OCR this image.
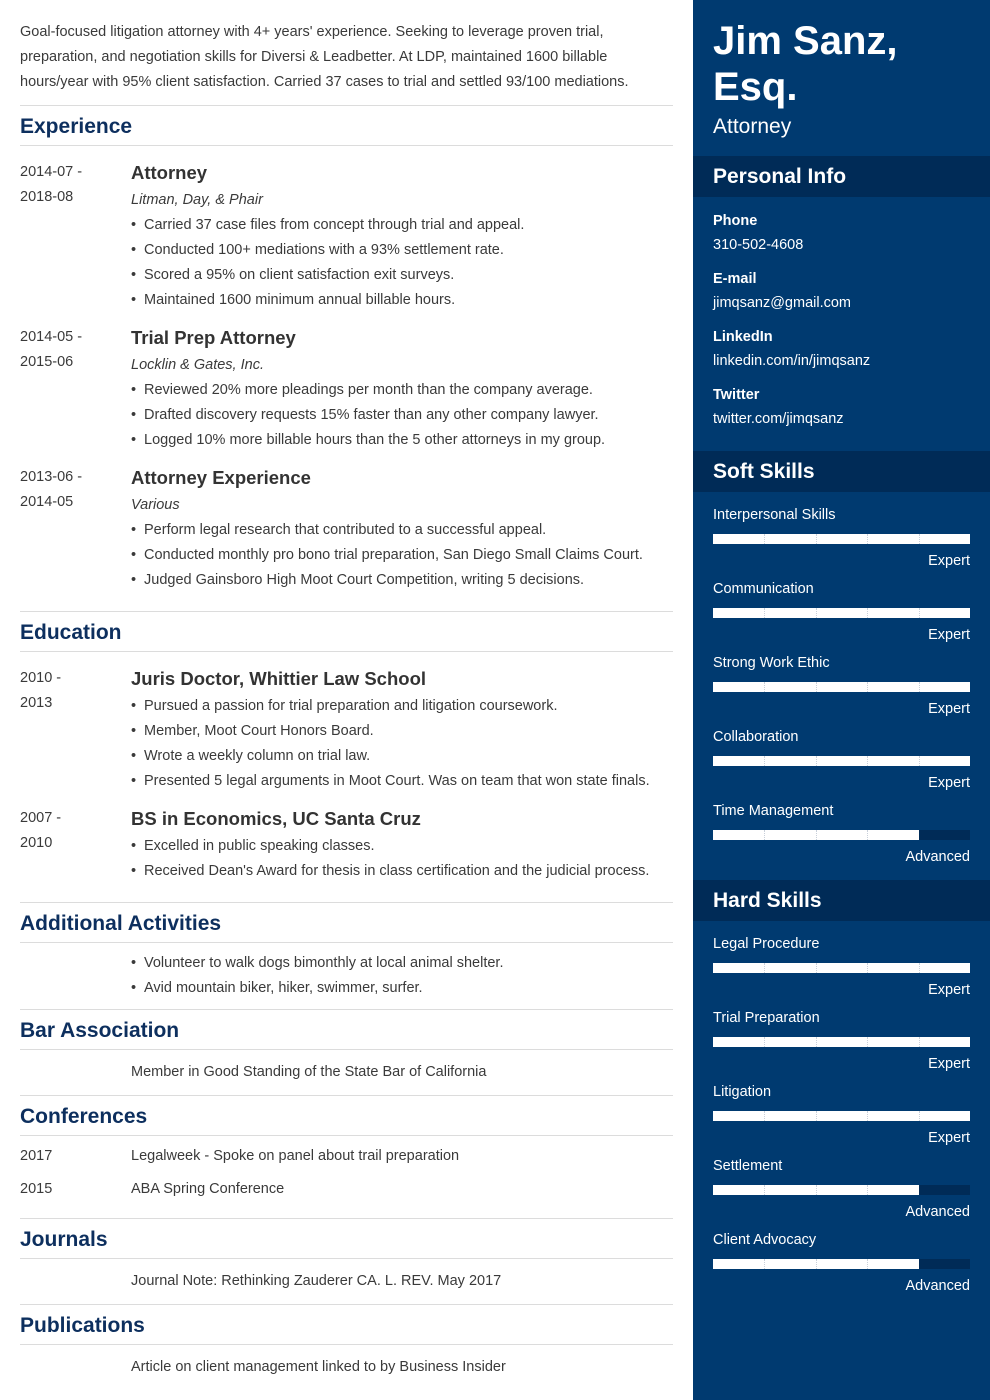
Goal-focused litigation attorney with 4+ years' experience. Seeking to leverage proven trial, preparation, and negotiation skills for Diversi & Leadbetter. At LDP, maintained 1600 billable hours/year with 95% client satisfaction. Carried 37 cases to trial and settled 93/100 mediations.

Experience
2014-07 -
2018-08
Attorney
Litman, Day, & Phair
• Carried 37 case files from concept through trial and appeal.
• Conducted 100+ mediations with a 93% settlement rate.
• Scored a 95% on client satisfaction exit surveys.
• Maintained 1600 minimum annual billable hours.
2014-05 -
2015-06
Trial Prep Attorney
Locklin & Gates, Inc.
• Reviewed 20% more pleadings per month than the company average.
• Drafted discovery requests 15% faster than any other company lawyer.
• Logged 10% more billable hours than the 5 other attorneys in my group.
2013-06 -
2014-05
Attorney Experience
Various
• Perform legal research that contributed to a successful appeal.
• Conducted monthly pro bono trial preparation, San Diego Small Claims Court.
• Judged Gainsboro High Moot Court Competition, writing 5 decisions.
Education
2010 -
2013
Juris Doctor, Whittier Law School
• Pursued a passion for trial preparation and litigation coursework.
• Member, Moot Court Honors Board.
• Wrote a weekly column on trial law.
• Presented 5 legal arguments in Moot Court. Was on team that won state finals.
2007 -
2010
BS in Economics, UC Santa Cruz
• Excelled in public speaking classes.
• Received Dean's Award for thesis in class certification and the judicial process.
Additional Activities
• Volunteer to walk dogs bimonthly at local animal shelter.
• Avid mountain biker, hiker, swimmer, surfer.
Bar Association
Member in Good Standing of the State Bar of California
Conferences
2017	Legalweek - Spoke on panel about trail preparation
2015	ABA Spring Conference
Journals
Journal Note: Rethinking Zauderer CA. L. REV. May 2017
Publications
Article on client management linked to by Business Insider
Jim Sanz,
Esq.
Attorney
Personal Info
Phone
310-502-4608
E-mail
jimqsanz@gmail.com
LinkedIn
linkedin.com/in/jimqsanz
Twitter
twitter.com/jimqsanz
Soft Skills
Interpersonal Skills
Expert
Communication
Expert
Strong Work Ethic
Expert
Collaboration
Expert
Time Management
Advanced
Hard Skills
Legal Procedure
Expert
Trial Preparation
Expert
Litigation
Expert
Settlement
Advanced
Client Advocacy
Advanced
